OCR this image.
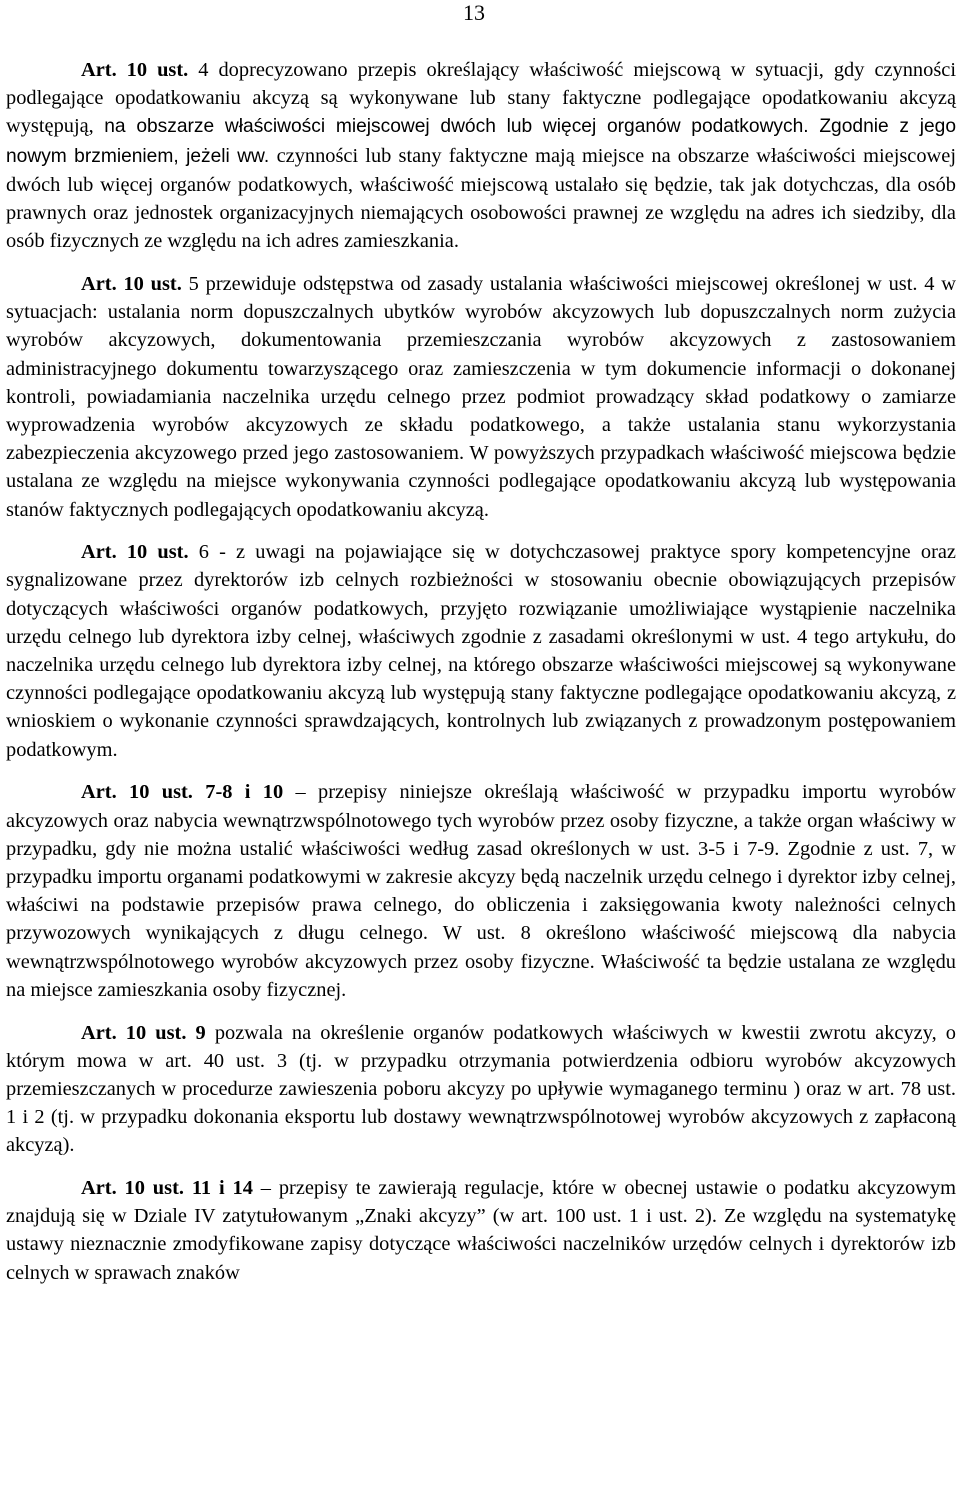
13

Art. 10 ust. 4 doprecyzowano przepis określający właściwość miejscową w sytuacji, gdy czynności podlegające opodatkowaniu akcyzą są wykonywane lub stany faktyczne podlegające opodatkowaniu akcyzą występują, na obszarze właściwości miejscowej dwóch lub więcej organów podatkowych. Zgodnie z jego nowym brzmieniem, jeżeli ww. czynności lub stany faktyczne mają miejsce na obszarze właściwości miejscowej dwóch lub więcej organów podatkowych, właściwość miejscową ustalało się będzie, tak jak dotychczas, dla osób prawnych oraz jednostek organizacyjnych niemających osobowości prawnej ze względu na adres ich siedziby, dla osób fizycznych ze względu na ich adres zamieszkania.

Art. 10 ust. 5 przewiduje odstępstwa od zasady ustalania właściwości miejscowej określonej w ust. 4 w sytuacjach: ustalania norm dopuszczalnych ubytków wyrobów akcyzowych lub dopuszczalnych norm zużycia wyrobów akcyzowych, dokumentowania przemieszczania wyrobów akcyzowych z zastosowaniem administracyjnego dokumentu towarzyszącego oraz zamieszczenia w tym dokumencie informacji o dokonanej kontroli, powiadamiania naczelnika urzędu celnego przez podmiot prowadzący skład podatkowy o zamiarze wyprowadzenia wyrobów akcyzowych ze składu podatkowego, a także ustalania stanu wykorzystania zabezpieczenia akcyzowego przed jego zastosowaniem. W powyższych przypadkach właściwość miejscowa będzie ustalana ze względu na miejsce wykonywania czynności podlegające opodatkowaniu akcyzą lub występowania stanów faktycznych podlegających opodatkowaniu akcyzą.

Art. 10 ust. 6 - z uwagi na pojawiające się w dotychczasowej praktyce spory kompetencyjne oraz sygnalizowane przez dyrektorów izb celnych rozbieżności w stosowaniu obecnie obowiązujących przepisów dotyczących właściwości organów podatkowych, przyjęto rozwiązanie umożliwiające wystąpienie naczelnika urzędu celnego lub dyrektora izby celnej, właściwych zgodnie z zasadami określonymi w ust. 4 tego artykułu, do naczelnika urzędu celnego lub dyrektora izby celnej, na którego obszarze właściwości miejscowej są wykonywane czynności podlegające opodatkowaniu akcyzą lub występują stany faktyczne podlegające opodatkowaniu akcyzą, z wnioskiem o wykonanie czynności sprawdzających, kontrolnych lub związanych z prowadzonym postępowaniem podatkowym.

Art. 10 ust. 7-8 i 10 – przepisy niniejsze określają właściwość w przypadku importu wyrobów akcyzowych oraz nabycia wewnątrzwspólnotowego tych wyrobów przez osoby fizyczne, a także organ właściwy w przypadku, gdy nie można ustalić właściwości według zasad określonych w ust. 3-5 i 7-9. Zgodnie z ust. 7, w przypadku importu organami podatkowymi w zakresie akcyzy będą naczelnik urzędu celnego i dyrektor izby celnej, właściwi na podstawie przepisów prawa celnego, do obliczenia i zaksięgowania kwoty należności celnych przywozowych wynikających z długu celnego. W ust. 8 określono właściwość miejscową dla nabycia wewnątrzwspólnotowego wyrobów akcyzowych przez osoby fizyczne. Właściwość ta będzie ustalana ze względu na miejsce zamieszkania osoby fizycznej.

Art. 10 ust. 9 pozwala na określenie organów podatkowych właściwych w kwestii zwrotu akcyzy, o którym mowa w art. 40 ust. 3 (tj. w przypadku otrzymania potwierdzenia odbioru wyrobów akcyzowych przemieszczanych w procedurze zawieszenia poboru akcyzy po upływie wymaganego terminu ) oraz w art. 78 ust. 1 i 2 (tj. w przypadku dokonania eksportu lub dostawy wewnątrzwspólnotowej wyrobów akcyzowych z zapłaconą akcyzą).

Art. 10 ust. 11 i 14 – przepisy te zawierają regulacje, które w obecnej ustawie o podatku akcyzowym znajdują się w Dziale IV zatytułowanym „Znaki akcyzy” (w art. 100 ust. 1 i ust. 2). Ze względu na systematykę ustawy nieznacznie zmodyfikowane zapisy dotyczące właściwości naczelników urzędów celnych i dyrektorów izb celnych w sprawach znaków
